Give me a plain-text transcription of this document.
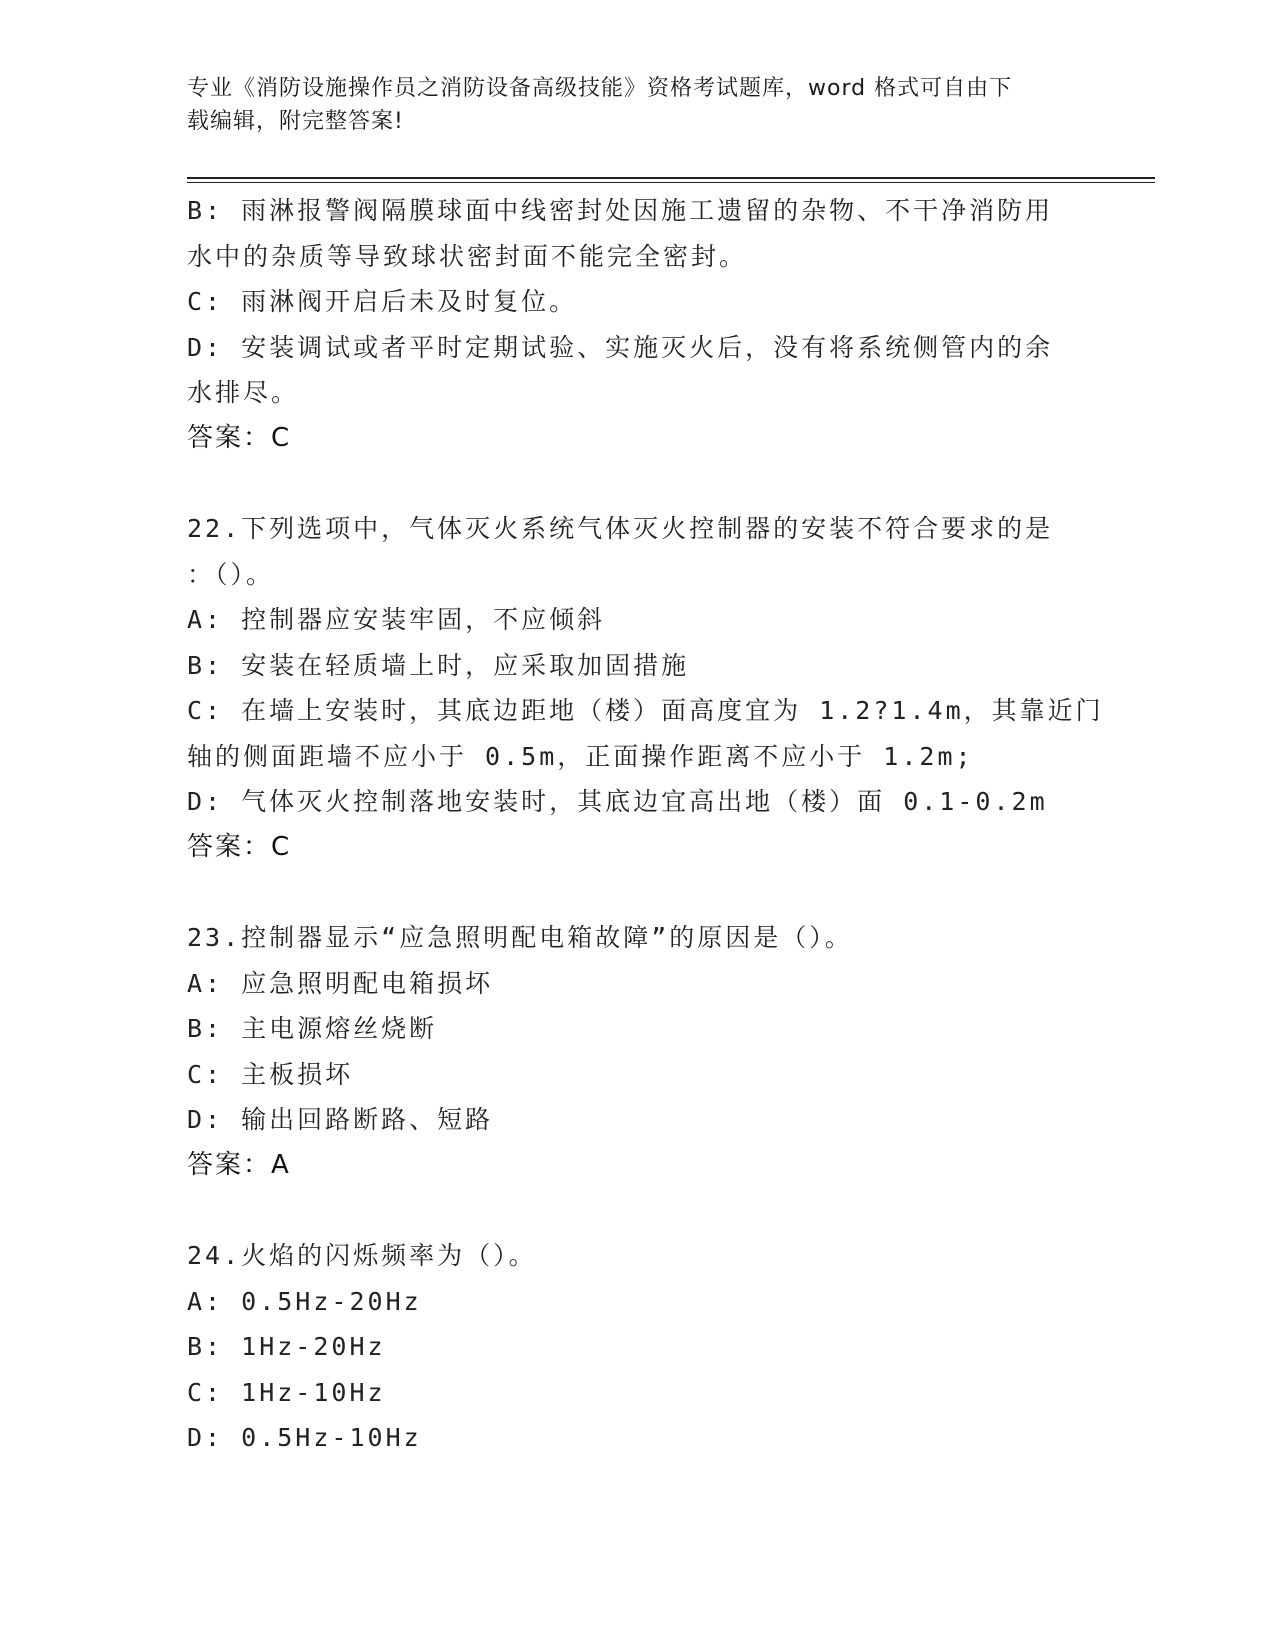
专业《消防设施操作员之消防设备高级技能》资格考试题库，word 格式可自由下
载编辑，附完整答案!
B: 雨淋报警阀隔膜球面中线密封处因施工遗留的杂物、不干净消防用
水中的杂质等导致球状密封面不能完全密封。
C: 雨淋阀开启后未及时复位。
D: 安装调试或者平时定期试验、实施灭火后，没有将系统侧管内的余
水排尽。
答案：C
22.下列选项中，气体灭火系统气体灭火控制器的安装不符合要求的是
：（）。
A: 控制器应安装牢固，不应倾斜
B: 安装在轻质墙上时，应采取加固措施
C: 在墙上安装时，其底边距地（楼）面高度宜为 1.2?1.4m，其靠近门
轴的侧面距墙不应小于 0.5m，正面操作距离不应小于 1.2m;
D: 气体灭火控制落地安装时，其底边宜高出地（楼）面 0.1-0.2m
答案：C
23.控制器显示“应急照明配电箱故障”的原因是（）。
A: 应急照明配电箱损坏
B: 主电源熔丝烧断
C: 主板损坏
D: 输出回路断路、短路
答案：A
24.火焰的闪烁频率为（）。
A: 0.5Hz-20Hz
B: 1Hz-20Hz
C: 1Hz-10Hz
D: 0.5Hz-10Hz
